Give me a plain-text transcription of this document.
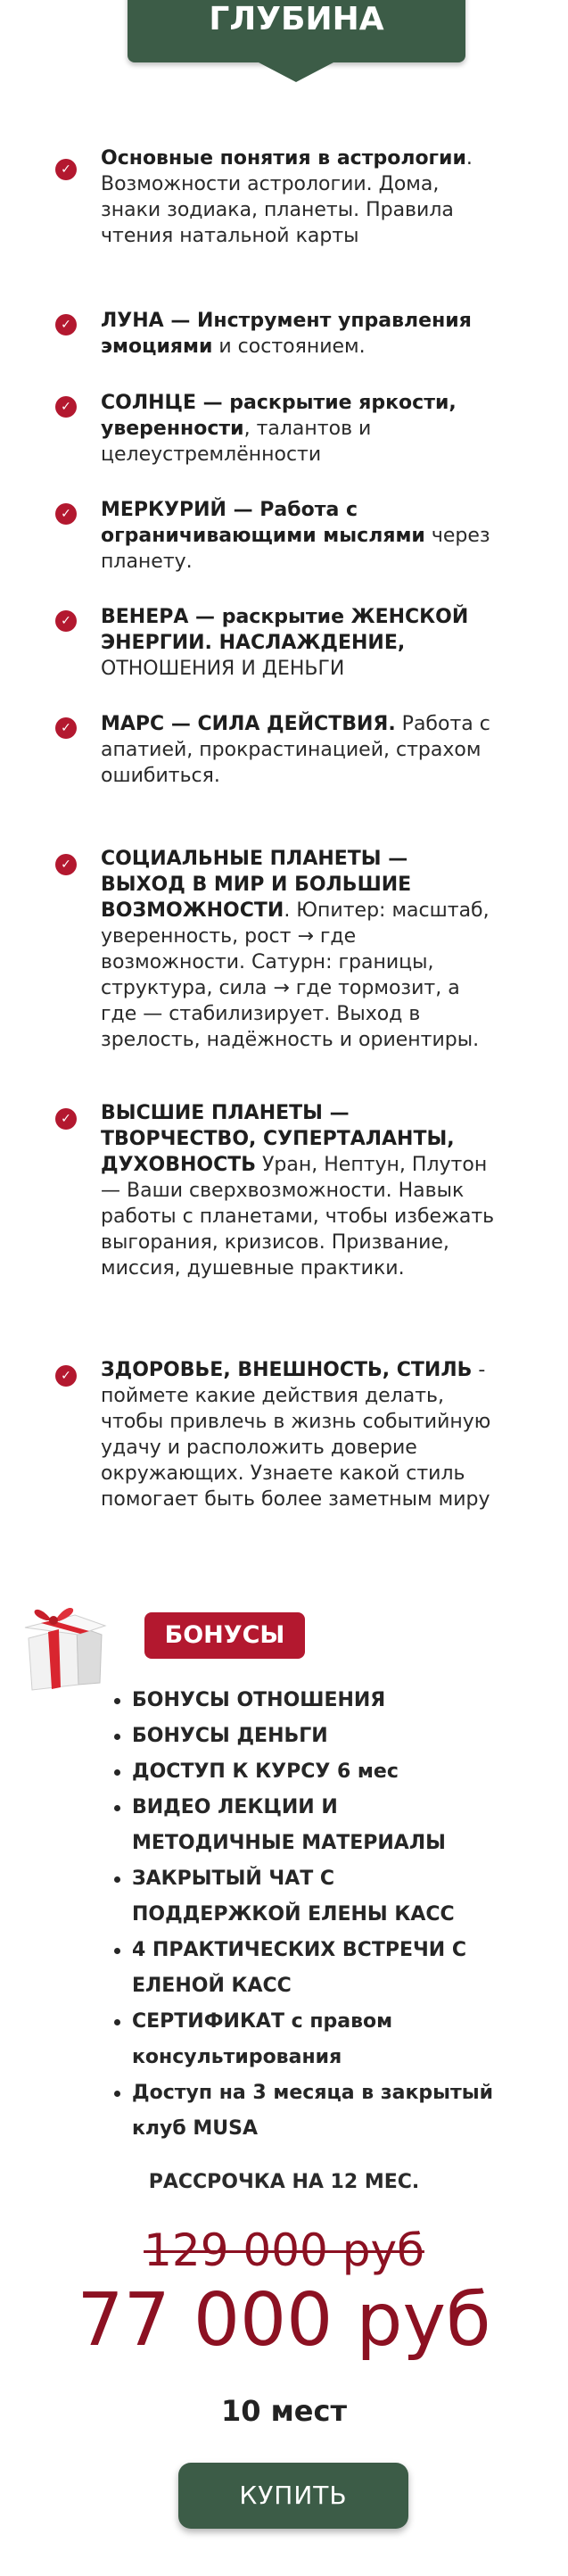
ГЛУБИНА
✓ Основные понятия в астрологии. Возможности астрологии. Дома, знаки зодиака, планеты. Правила чтения натальной карты
✓ ЛУНА — Инструмент управления эмоциями и состоянием.
✓ СОЛНЦЕ — раскрытие яркости, уверенности, талантов и целеустремлённости
✓ МЕРКУРИЙ — Работа с ограничивающими мыслями через планету.
✓ ВЕНЕРА — раскрытие ЖЕНСКОЙ ЭНЕРГИИ. НАСЛАЖДЕНИЕ, ОТНОШЕНИЯ И ДЕНЬГИ
✓ МАРС — СИЛА ДЕЙСТВИЯ. Работа с апатией, прокрастинацией, страхом ошибиться.
✓ СОЦИАЛЬНЫЕ ПЛАНЕТЫ — ВЫХОД В МИР И БОЛЬШИЕ ВОЗМОЖНОСТИ. Юпитер: масштаб, уверенность, рост → где возможности. Сатурн: границы, структура, сила → где тормозит, а где — стабилизирует. Выход в зрелость, надёжность и ориентиры.
✓ ВЫСШИЕ ПЛАНЕТЫ — ТВОРЧЕСТВО, СУПЕРТАЛАНТЫ, ДУХОВНОСТЬ Уран, Нептун, Плутон — Ваши сверхвозможности. Навык работы с планетами, чтобы избежать выгорания, кризисов. Призвание, миссия, душевные практики.
✓ ЗДОРОВЬЕ, ВНЕШНОСТЬ, СТИЛЬ - поймете какие действия делать, чтобы привлечь в жизнь событийную удачу и расположить доверие окружающих. Узнаете какой стиль помогает быть более заметным миру
БОНУСЫ
БОНУСЫ ОТНОШЕНИЯ
БОНУСЫ ДЕНЬГИ
ДОСТУП К КУРСУ 6 мес
ВИДЕО ЛЕКЦИИ И МЕТОДИЧНЫЕ МАТЕРИАЛЫ
ЗАКРЫТЫЙ ЧАТ С ПОДДЕРЖКОЙ ЕЛЕНЫ КАСС
4 ПРАКТИЧЕСКИХ ВСТРЕЧИ С ЕЛЕНОЙ КАСС
СЕРТИФИКАТ с правом консультирования
Доступ на 3 месяца в закрытый клуб MUSA
РАССРОЧКА НА 12 МЕС.
129 000 руб
77 000 руб
10 мест
КУПИТЬ
